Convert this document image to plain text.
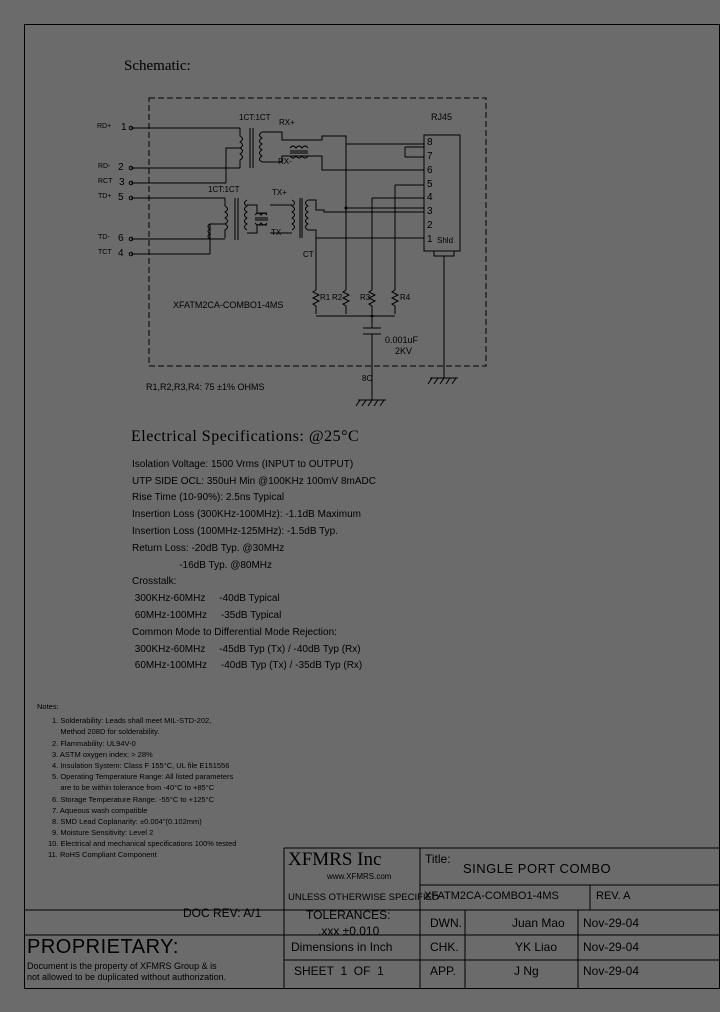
Schematic:
RD+ 1
RD- 2
RCT 3
TD+ 5
TD- 6
TCT 4
RJ45
8
7
6
5
4
3
2
1 Shld
1CT:1CT
1CT:1CT
RX+
RX-
TX+
TX-
CT
R1 R2 R3	R4
XFATM2CA-COMBO1-4MS
0.001uF
2KV
8C
R1,R2,R3,R4: 75 ±1% OHMS
Electrical Specifications: @25°C
Isolation Voltage: 1500 Vrms (INPUT to OUTPUT)
UTP SIDE OCL: 350uH Min @100KHz 100mV 8mADC
Rise Time (10-90%): 2.5ns Typical
Insertion Loss (300KHz-100MHz): -1.1dB Maximum
Insertion Loss (100MHz-125MHz): -1.5dB Typ.
Return Loss: -20dB Typ. @30MHz
-16dB Typ. @80MHz
Crosstalk:
300KHz-60MHz     -40dB Typical
60MHz-100MHz     -35dB Typical
Common Mode to Differential Mode Rejection:
300KHz-60MHz     -45dB Typ (Tx) / -40dB Typ (Rx)
60MHz-100MHz     -40dB Typ (Tx) / -35dB Typ (Rx)
Notes:
1. Solderability: Leads shall meet MIL-STD-202,
Method 208D for solderability.
2. Flammability: UL94V-0
3. ASTM oxygen index: > 28%
4. Insulation System: Class F 155°C, UL file E151556
5. Operating Temperature Range: All listed parameters
are to be within tolerance from -40°C to +85°C
6. Storage Temperature Range: -55°C to +125°C
7. Aqueous wash compatible
8. SMD Lead Coplanarity: ±0.004"(0.102mm)
9. Moisture Sensitivity: Level 2
10. Electrical and mechanical specifications 100% tested
11. RoHS Compliant Component	XFMRS Inc
www.XFMRS.com
Title:
SINGLE PORT COMBO
XFATM2CA-COMBO1-4MS	REV. A
UNLESS OTHERWISE SPECIFIED
TOLERANCES:
.xxx ±0.010
Dimensions in Inch
SHEET  1  OF  1
DOC REV: A/1
DWN.	Juan Mao Nov-29-04
CHK.	YK Liao Nov-29-04
APP.	J Ng	Nov-29-04
PROPRIETARY:
Document is the property of XFMRS Group & is
not allowed to be duplicated without authorization.
